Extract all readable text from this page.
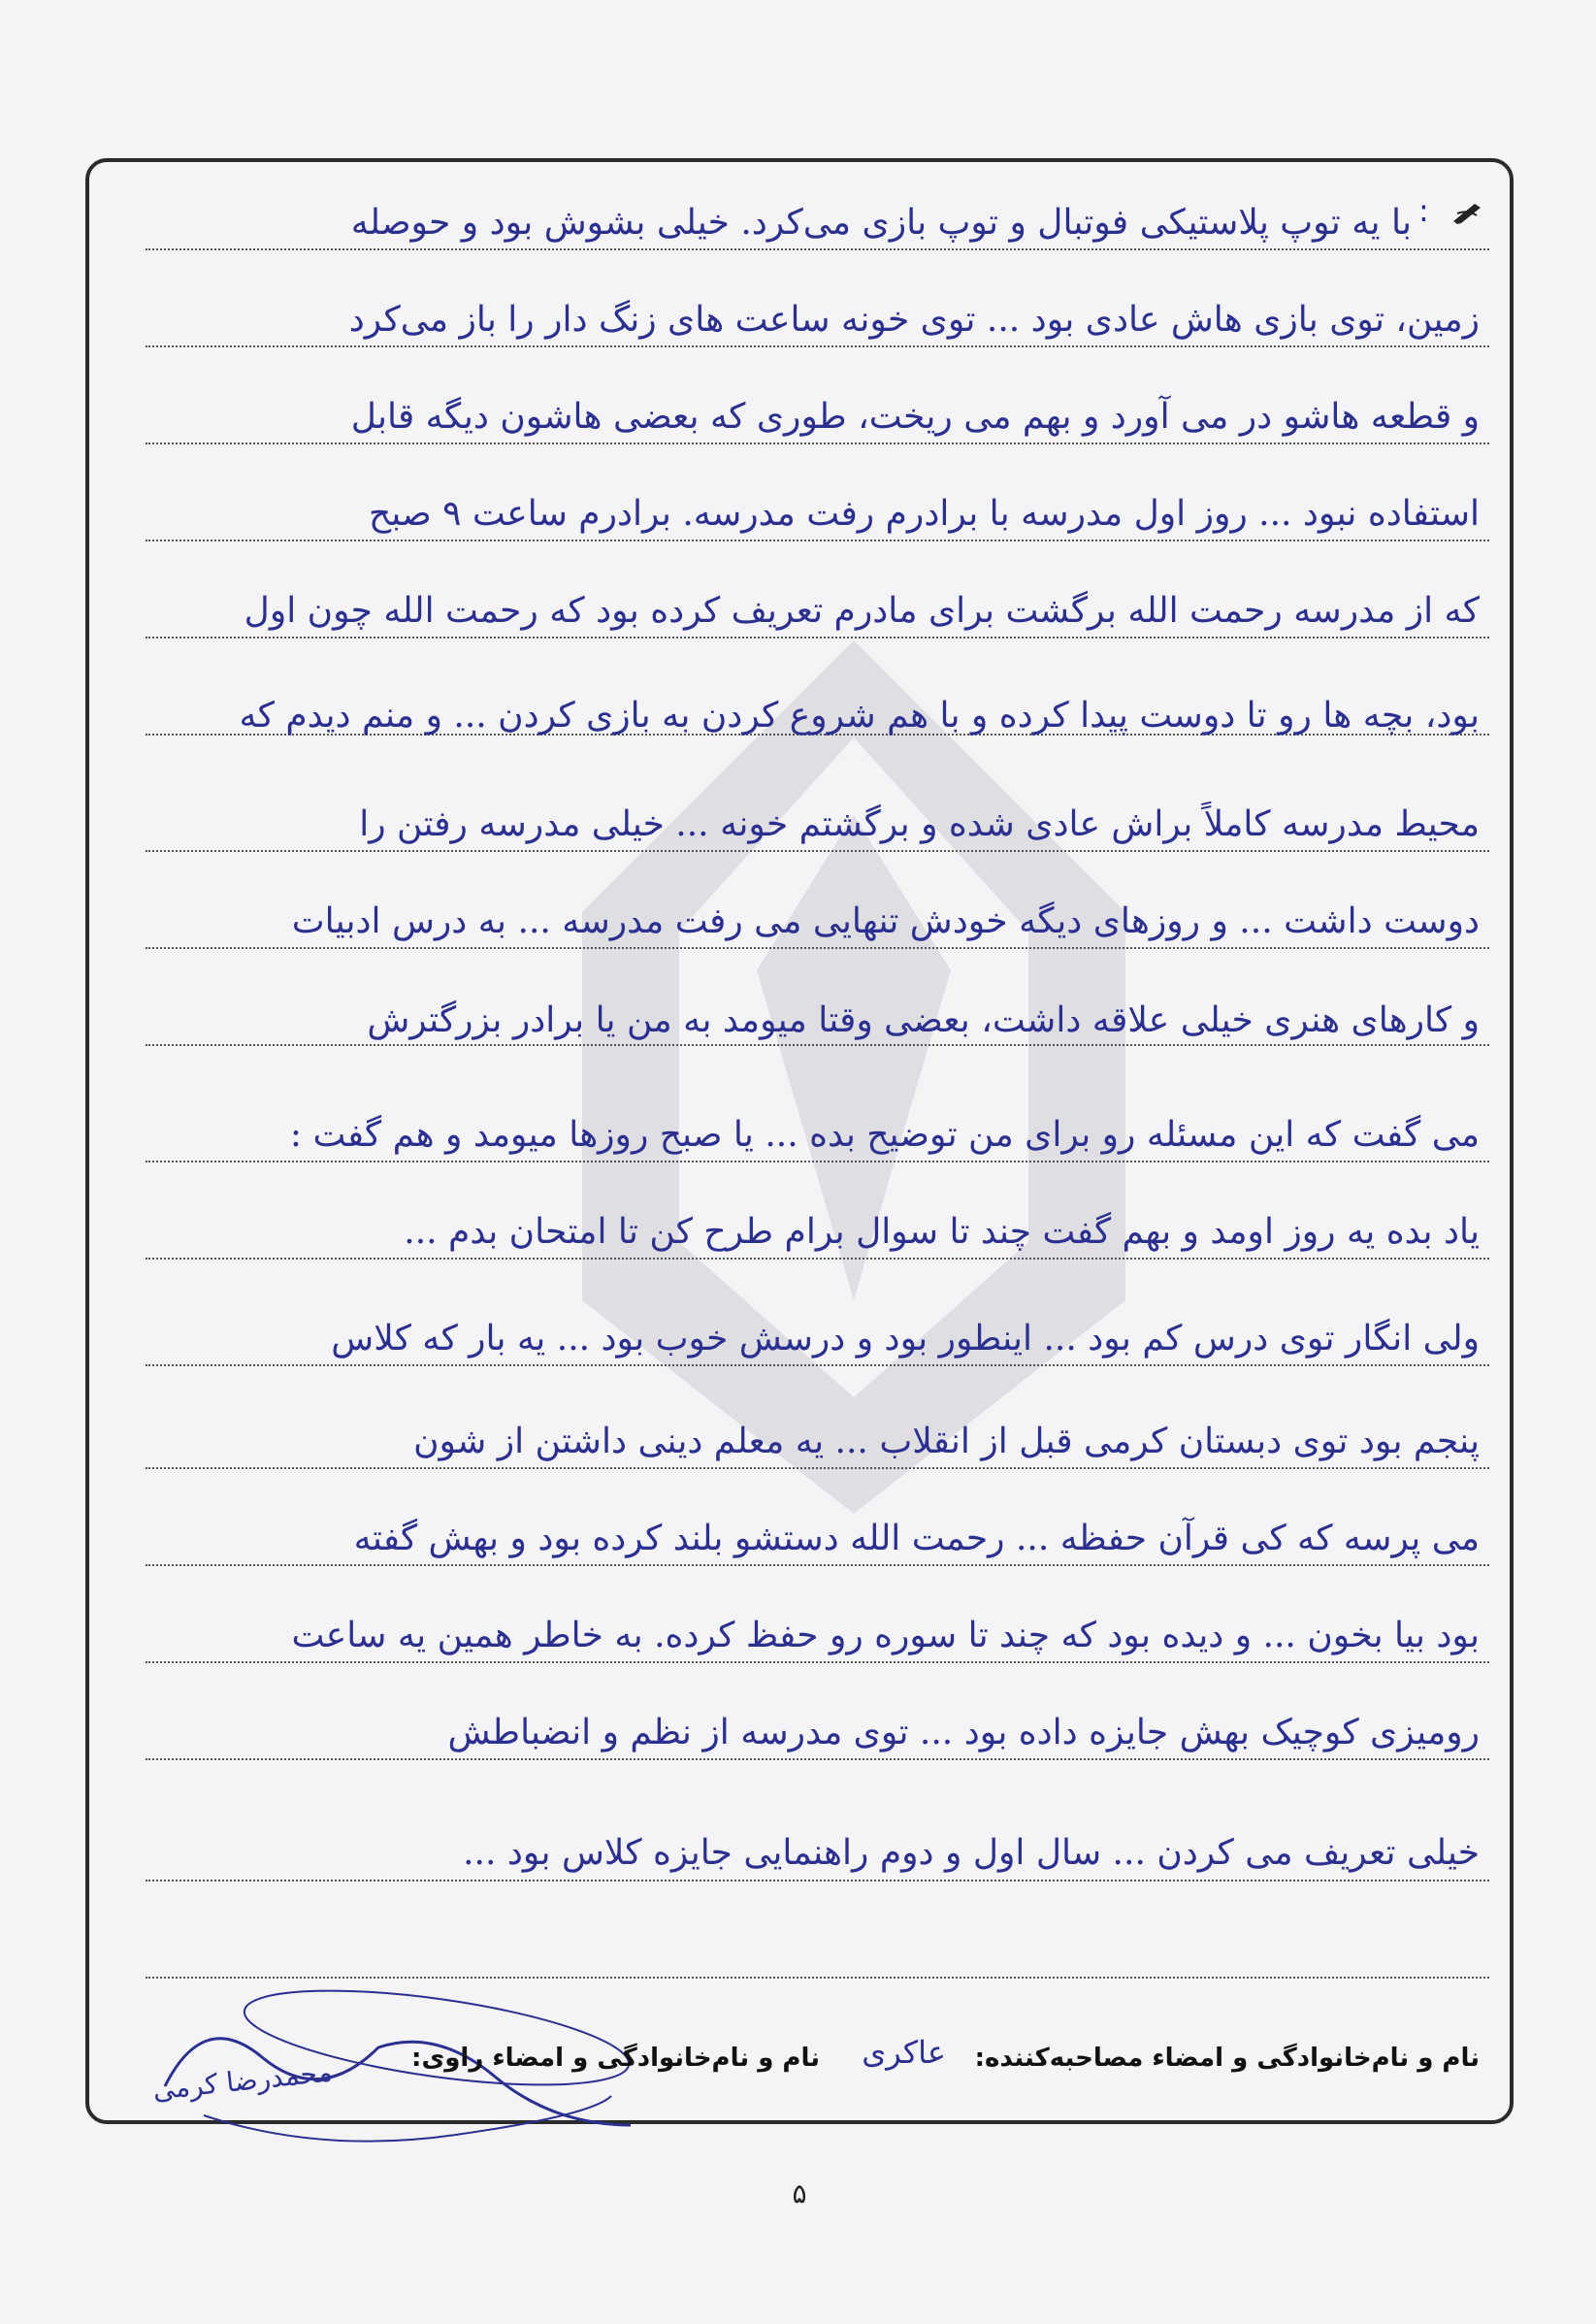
:
با یه توپ پلاستیکی فوتبال و توپ بازی می‌کرد. خیلی بشوش بود و حوصله
زمین، توی بازی هاش عادی بود ... توی خونه ساعت های زنگ دار را باز می‌کرد
و قطعه هاشو در می آورد و بهم می ریخت، طوری که بعضی هاشون دیگه قابل
استفاده نبود ... روز اول مدرسه با برادرم رفت مدرسه. برادرم ساعت ۹ صبح
که از مدرسه رحمت الله برگشت برای مادرم تعریف کرده بود که رحمت الله چون اول
بود، بچه ها رو تا دوست پیدا کرده و با هم شروع کردن به بازی کردن ... و منم دیدم که
محیط مدرسه کاملاً براش عادی شده و برگشتم خونه ... خیلی مدرسه رفتن را
دوست داشت ... و روزهای دیگه خودش تنهایی می رفت مدرسه ... به درس ادبیات
و کارهای هنری خیلی علاقه داشت، بعضی وقتا میومد به من یا برادر بزرگترش
می گفت که این مسئله رو برای من توضیح بده ... یا صبح روزها میومد و هم گفت :
یاد بده یه روز اومد و بهم گفت چند تا سوال برام طرح کن تا امتحان بدم ...
ولی انگار توی درس کم بود ... اینطور بود و درسش خوب بود ... یه بار که کلاس
پنجم بود توی دبستان کرمی قبل از انقلاب ... یه معلم دینی داشتن از شون
می پرسه که کی قرآن حفظه ... رحمت الله دستشو بلند کرده بود و بهش گفته
بود بیا بخون ... و دیده بود که چند تا سوره رو حفظ کرده. به خاطر همین یه ساعت
رومیزی کوچیک بهش جایزه داده بود ... توی مدرسه از نظم و انضباطش
خیلی تعریف می کردن ... سال اول و دوم راهنمایی جایزه کلاس بود ...
محمدرضا کرمی	نام و نام‌خانوادگی و امضاء مصاحبه‌کننده:
عاکری
نام و نام‌خانوادگی و امضاء راوی:
۵
